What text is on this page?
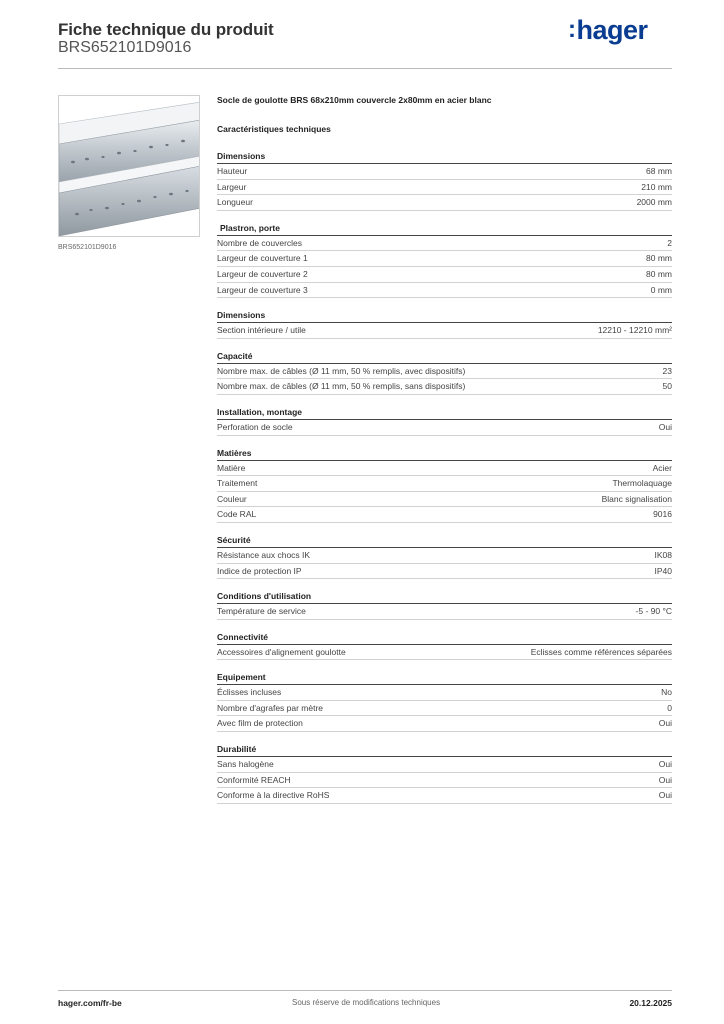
Fiche technique du produit
BRS652101D9016
:hager
BRS652101D9016
Socle de goulotte BRS 68x210mm couvercle 2x80mm en acier blanc
Caractéristiques techniques
Dimensions
Hauteur	68 mm
Largeur	210 mm
Longueur	2000 mm
Plastron, porte
Nombre de couvercles	2
Largeur de couverture 1	80 mm
Largeur de couverture 2	80 mm
Largeur de couverture 3	0 mm
Dimensions
Section intérieure / utile	12210 - 12210 mm²
Capacité
Nombre max. de câbles (Ø 11 mm, 50 % remplis, avec dispositifs)	23
Nombre max. de câbles (Ø 11 mm, 50 % remplis, sans dispositifs)	50
Installation, montage
Perforation de socle	Oui
Matières
Matière	Acier
Traitement	Thermolaquage
Couleur	Blanc signalisation
Code RAL	9016
Sécurité
Résistance aux chocs IK	IK08
Indice de protection IP	IP40
Conditions d'utilisation
Température de service	-5 - 90 °C
Connectivité
Accessoires d'alignement goulotte	Eclisses comme références séparées
Equipement
Éclisses incluses	No
Nombre d'agrafes par mètre	0
Avec film de protection	Oui
Durabilité
Sans halogène	Oui
Conformité REACH	Oui
Conforme à la directive RoHS	Oui
hager.com/fr-be	Sous réserve de modifications techniques	20.12.2025
